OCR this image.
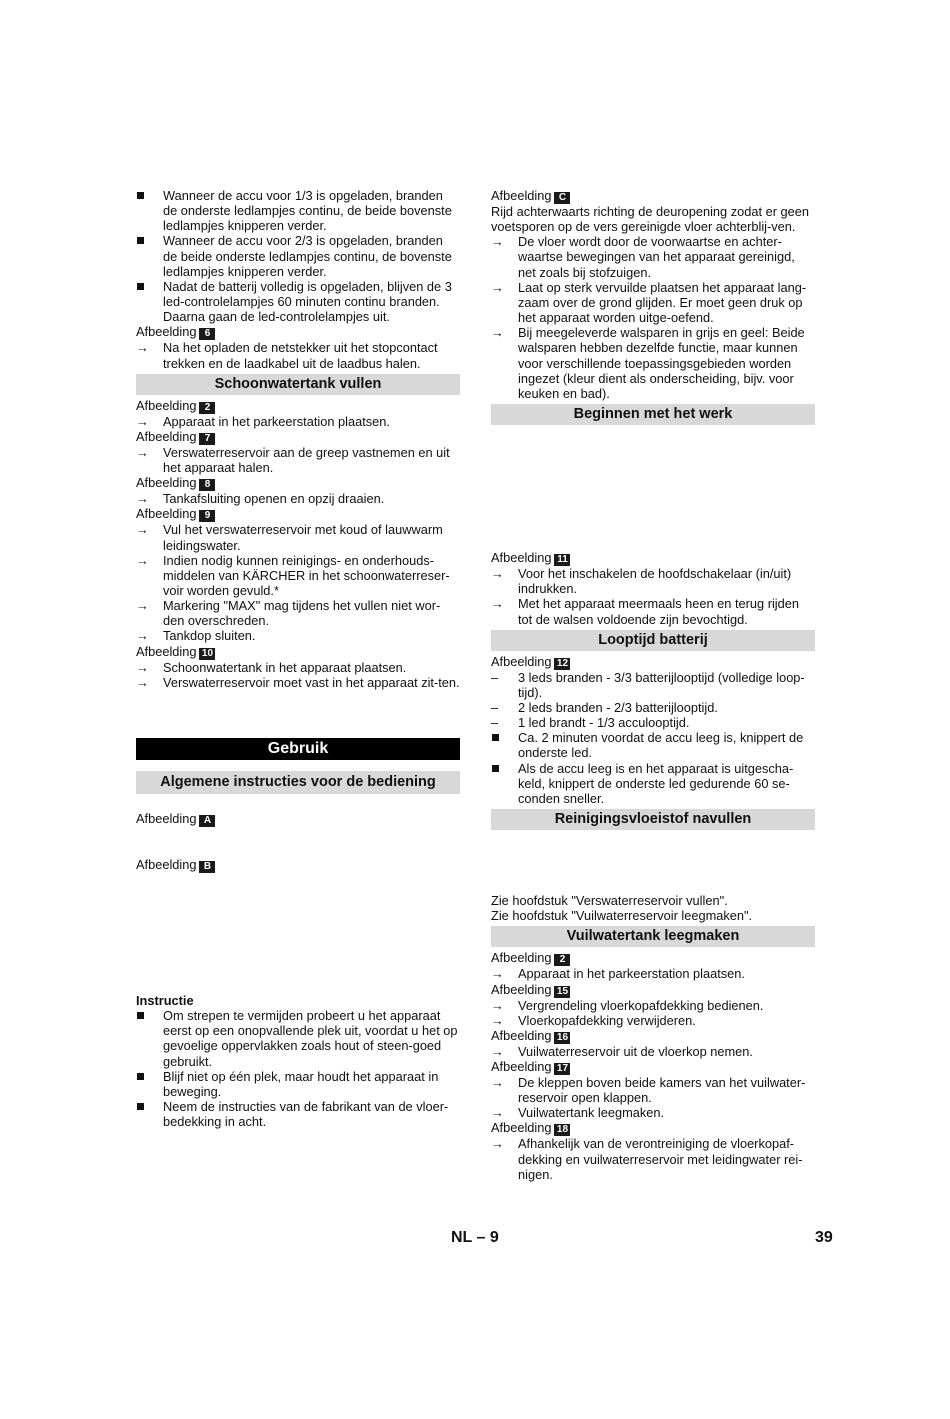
Wanneer de accu voor 1/3 is opgeladen, branden de onderste ledlampjes continu, de beide bovenste ledlampjes knipperen verder.
Wanneer de accu voor 2/3 is opgeladen, branden de beide onderste ledlampjes continu, de bovenste ledlampjes knipperen verder.
Nadat de batterij volledig is opgeladen, blijven de 3 led-controlelampjes 60 minuten continu branden. Daarna gaan de led-controlelampjes uit.
Afbeelding 6
→	Na het opladen de netstekker uit het stopcontact trekken en de laadkabel uit de laadbus halen.
Schoonwatertank vullen
Afbeelding 2
→	Apparaat in het parkeerstation plaatsen.
Afbeelding 7
→	Verswaterreservoir aan de greep vastnemen en uit het apparaat halen.
Afbeelding 8
→	Tankafsluiting openen en opzij draaien.
Afbeelding 9
→	Vul het verswaterreservoir met koud of lauwwarm leidingswater.
→	Indien nodig kunnen reinigings- en onderhouds-middelen van KÄRCHER in het schoonwaterreser-voir worden gevuld.*
→	Markering "MAX" mag tijdens het vullen niet wor-den overschreden.
→	Tankdop sluiten.
Afbeelding 10
→	Schoonwatertank in het apparaat plaatsen.
→	Verswaterreservoir moet vast in het apparaat zit-ten.
Gebruik
Algemene instructies voor de bediening
Afbeelding A
Afbeelding B
Instructie
Om strepen te vermijden probeert u het apparaat eerst op een onopvallende plek uit, voordat u het op gevoelige oppervlakken zoals hout of steen-goed gebruikt.
Blijf niet op één plek, maar houdt het apparaat in beweging.
Neem de instructies van de fabrikant van de vloer-bedekking in acht.
Afbeelding C
Rijd achterwaarts richting de deuropening zodat er geen voetsporen op de vers gereinigde vloer achterblij-ven.
→	De vloer wordt door de voorwaartse en achter-waartse bewegingen van het apparaat gereinigd, net zoals bij stofzuigen.
→	Laat op sterk vervuilde plaatsen het apparaat lang-zaam over de grond glijden. Er moet geen druk op het apparaat worden uitge-oefend.
→	Bij meegeleverde walsparen in grijs en geel: Beide walsparen hebben dezelfde functie, maar kunnen voor verschillende toepassingsgebieden worden ingezet (kleur dient als onderscheiding, bijv. voor keuken en bad).
Beginnen met het werk
Afbeelding 11
→	Voor het inschakelen de hoofdschakelaar (in/uit) indrukken.
→	Met het apparaat meermaals heen en terug rijden tot de walsen voldoende zijn bevochtigd.
Looptijd batterij
Afbeelding 12
–	3 leds branden - 3/3 batterijlooptijd (volledige loop-tijd).
–	2 leds branden - 2/3 batterijlooptijd.
–	1 led brandt - 1/3 acculooptijd.
Ca. 2 minuten voordat de accu leeg is, knippert de onderste led.
Als de accu leeg is en het apparaat is uitgescha-keld, knippert de onderste led gedurende 60 se-conden sneller.
Reinigingsvloeistof navullen
Zie hoofdstuk "Verswaterreservoir vullen".
Zie hoofdstuk "Vuilwaterreservoir leegmaken".
Vuilwatertank leegmaken
Afbeelding 2
→	Apparaat in het parkeerstation plaatsen.
Afbeelding 15
→	Vergrendeling vloerkopafdekking bedienen.
→	Vloerkopafdekking verwijderen.
Afbeelding 16
→	Vuilwaterreservoir uit de vloerkop nemen.
Afbeelding 17
→	De kleppen boven beide kamers van het vuilwater-reservoir open klappen.
→	Vuilwatertank leegmaken.
Afbeelding 18
→	Afhankelijk van de verontreiniging de vloerkopaf-dekking en vuilwaterreservoir met leidingwater rei-nigen.
NL – 9	39
